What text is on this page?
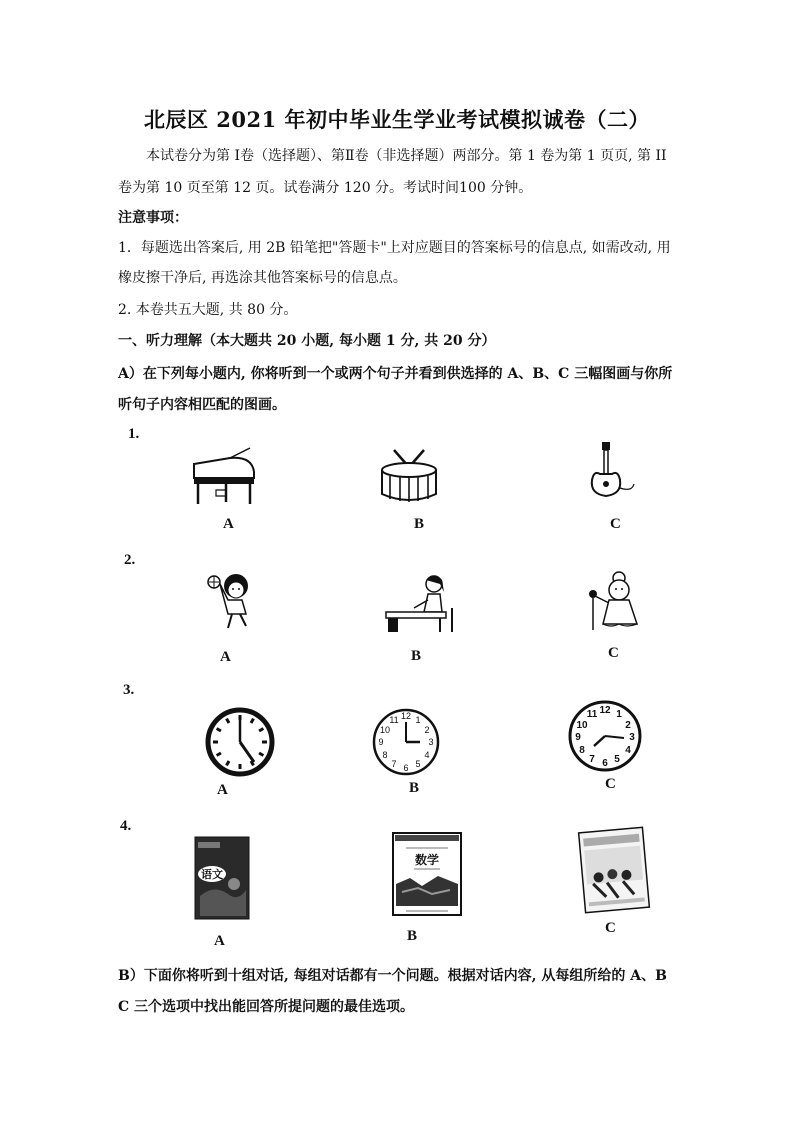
北辰区 2021 年初中毕业生学业考试模拟诚卷（二）
本试卷分为第 I卷（选择题）、第Ⅱ卷（非选择题）两部分。第 1 卷为第 1 页页, 第 II
卷为第 10 页至第 12 页。试卷满分 120 分。考试时间100 分钟。
注意事项：
1．每题选出答案后, 用 2B 铅笔把"答题卡"上对应题目的答案标号的信息点, 如需改动, 用
橡皮擦干净后, 再选涂其他答案标号的信息点。
2. 本卷共五大题, 共 80 分。
一、听力理解（本大题共 20 小题, 每小题 1 分, 共 20 分）
A）在下列每小题内, 你将听到一个或两个句子并看到供选择的 A、B、C 三幅图画与你所
听句子内容相匹配的图画。
1.
A	B	C
2.
A	B	C
3.
A
12 1
2
3
4
5
6
7
8
9
10
11
B
12 1
2
3
4
5
6
7
8
9
10
11
C
4.
语文
A
数学
B	C
B）下面你将听到十组对话, 每组对话都有一个问题。根据对话内容, 从每组所给的 A、B
C 三个选项中找出能回答所提问题的最佳选项。
